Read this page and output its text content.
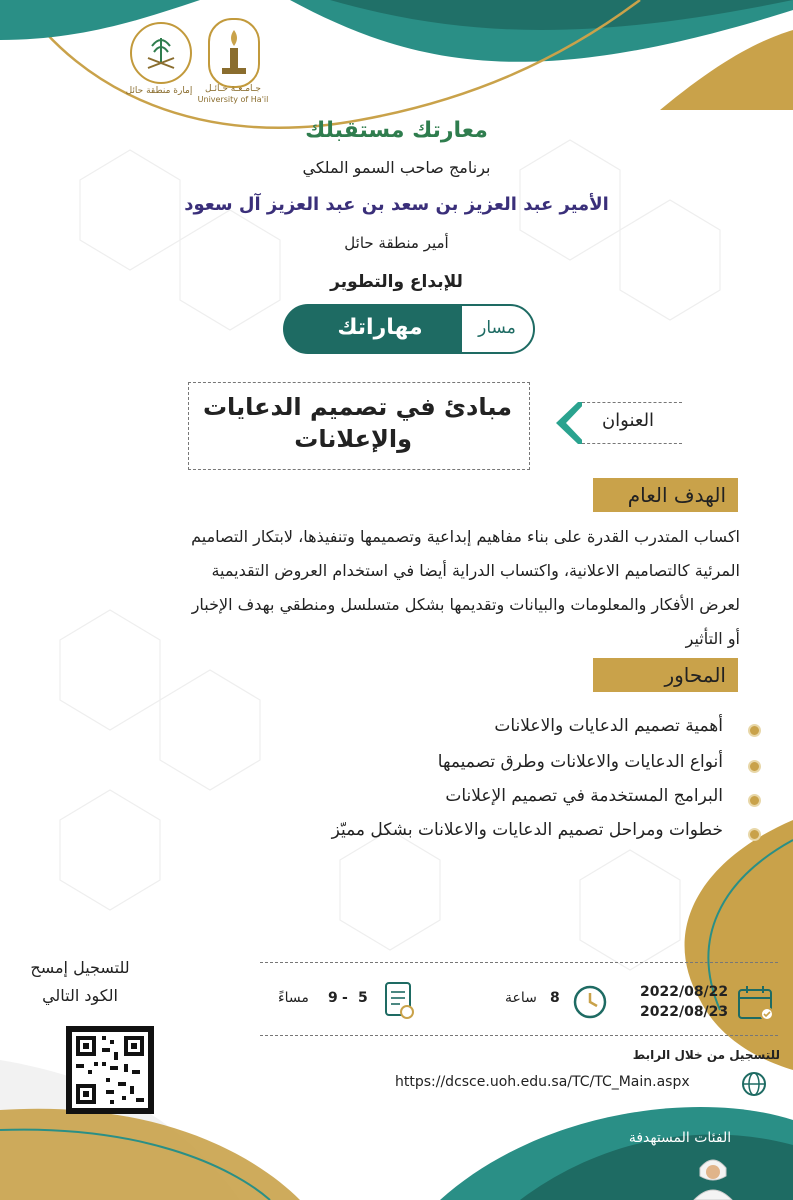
إمارة منطقة حائل	جـامـعـة حـائـل
University of Ha'il
معارتك مستقبلك
برنامج صاحب السمو الملكي
الأمير عبد العزيز بن سعد بن عبد العزيز آل سعود
أمير منطقة حائل
للإبداع والتطوير
مهاراتك	مسار
مبادئ في تصميم الدعايات
والإعلانات
العنوان
الهدف العام
اكساب المتدرب القدرة على بناء مفاهيم إبداعية وتصميمها وتنفيذها، لابتكار التصاميم
المرئية كالتصاميم الاعلانية، واكتساب الدراية أيضا في استخدام العروض التقديمية
لعرض الأفكار والمعلومات والبيانات وتقديمها بشكل متسلسل ومنطقي بهدف الإخبار
أو التأثير
المحاور
أهمية تصميم الدعايات والاعلانات
أنواع الدعايات والاعلانات وطرق تصميمها
البرامج المستخدمة في تصميم الإعلانات
خطوات ومراحل تصميم الدعايات والاعلانات بشكل مميّز
2022/08/22
2022/08/23
8
ساعة
5
-
9
مساءً
للتسجيل من خلال الرابط
https://dcsce.uoh.edu.sa/TC/TC_Main.aspx
للتسجيل إمسح
الكود التالي
التدريب حضوري
الدورة مجاناً
الفئات المستهدفة
